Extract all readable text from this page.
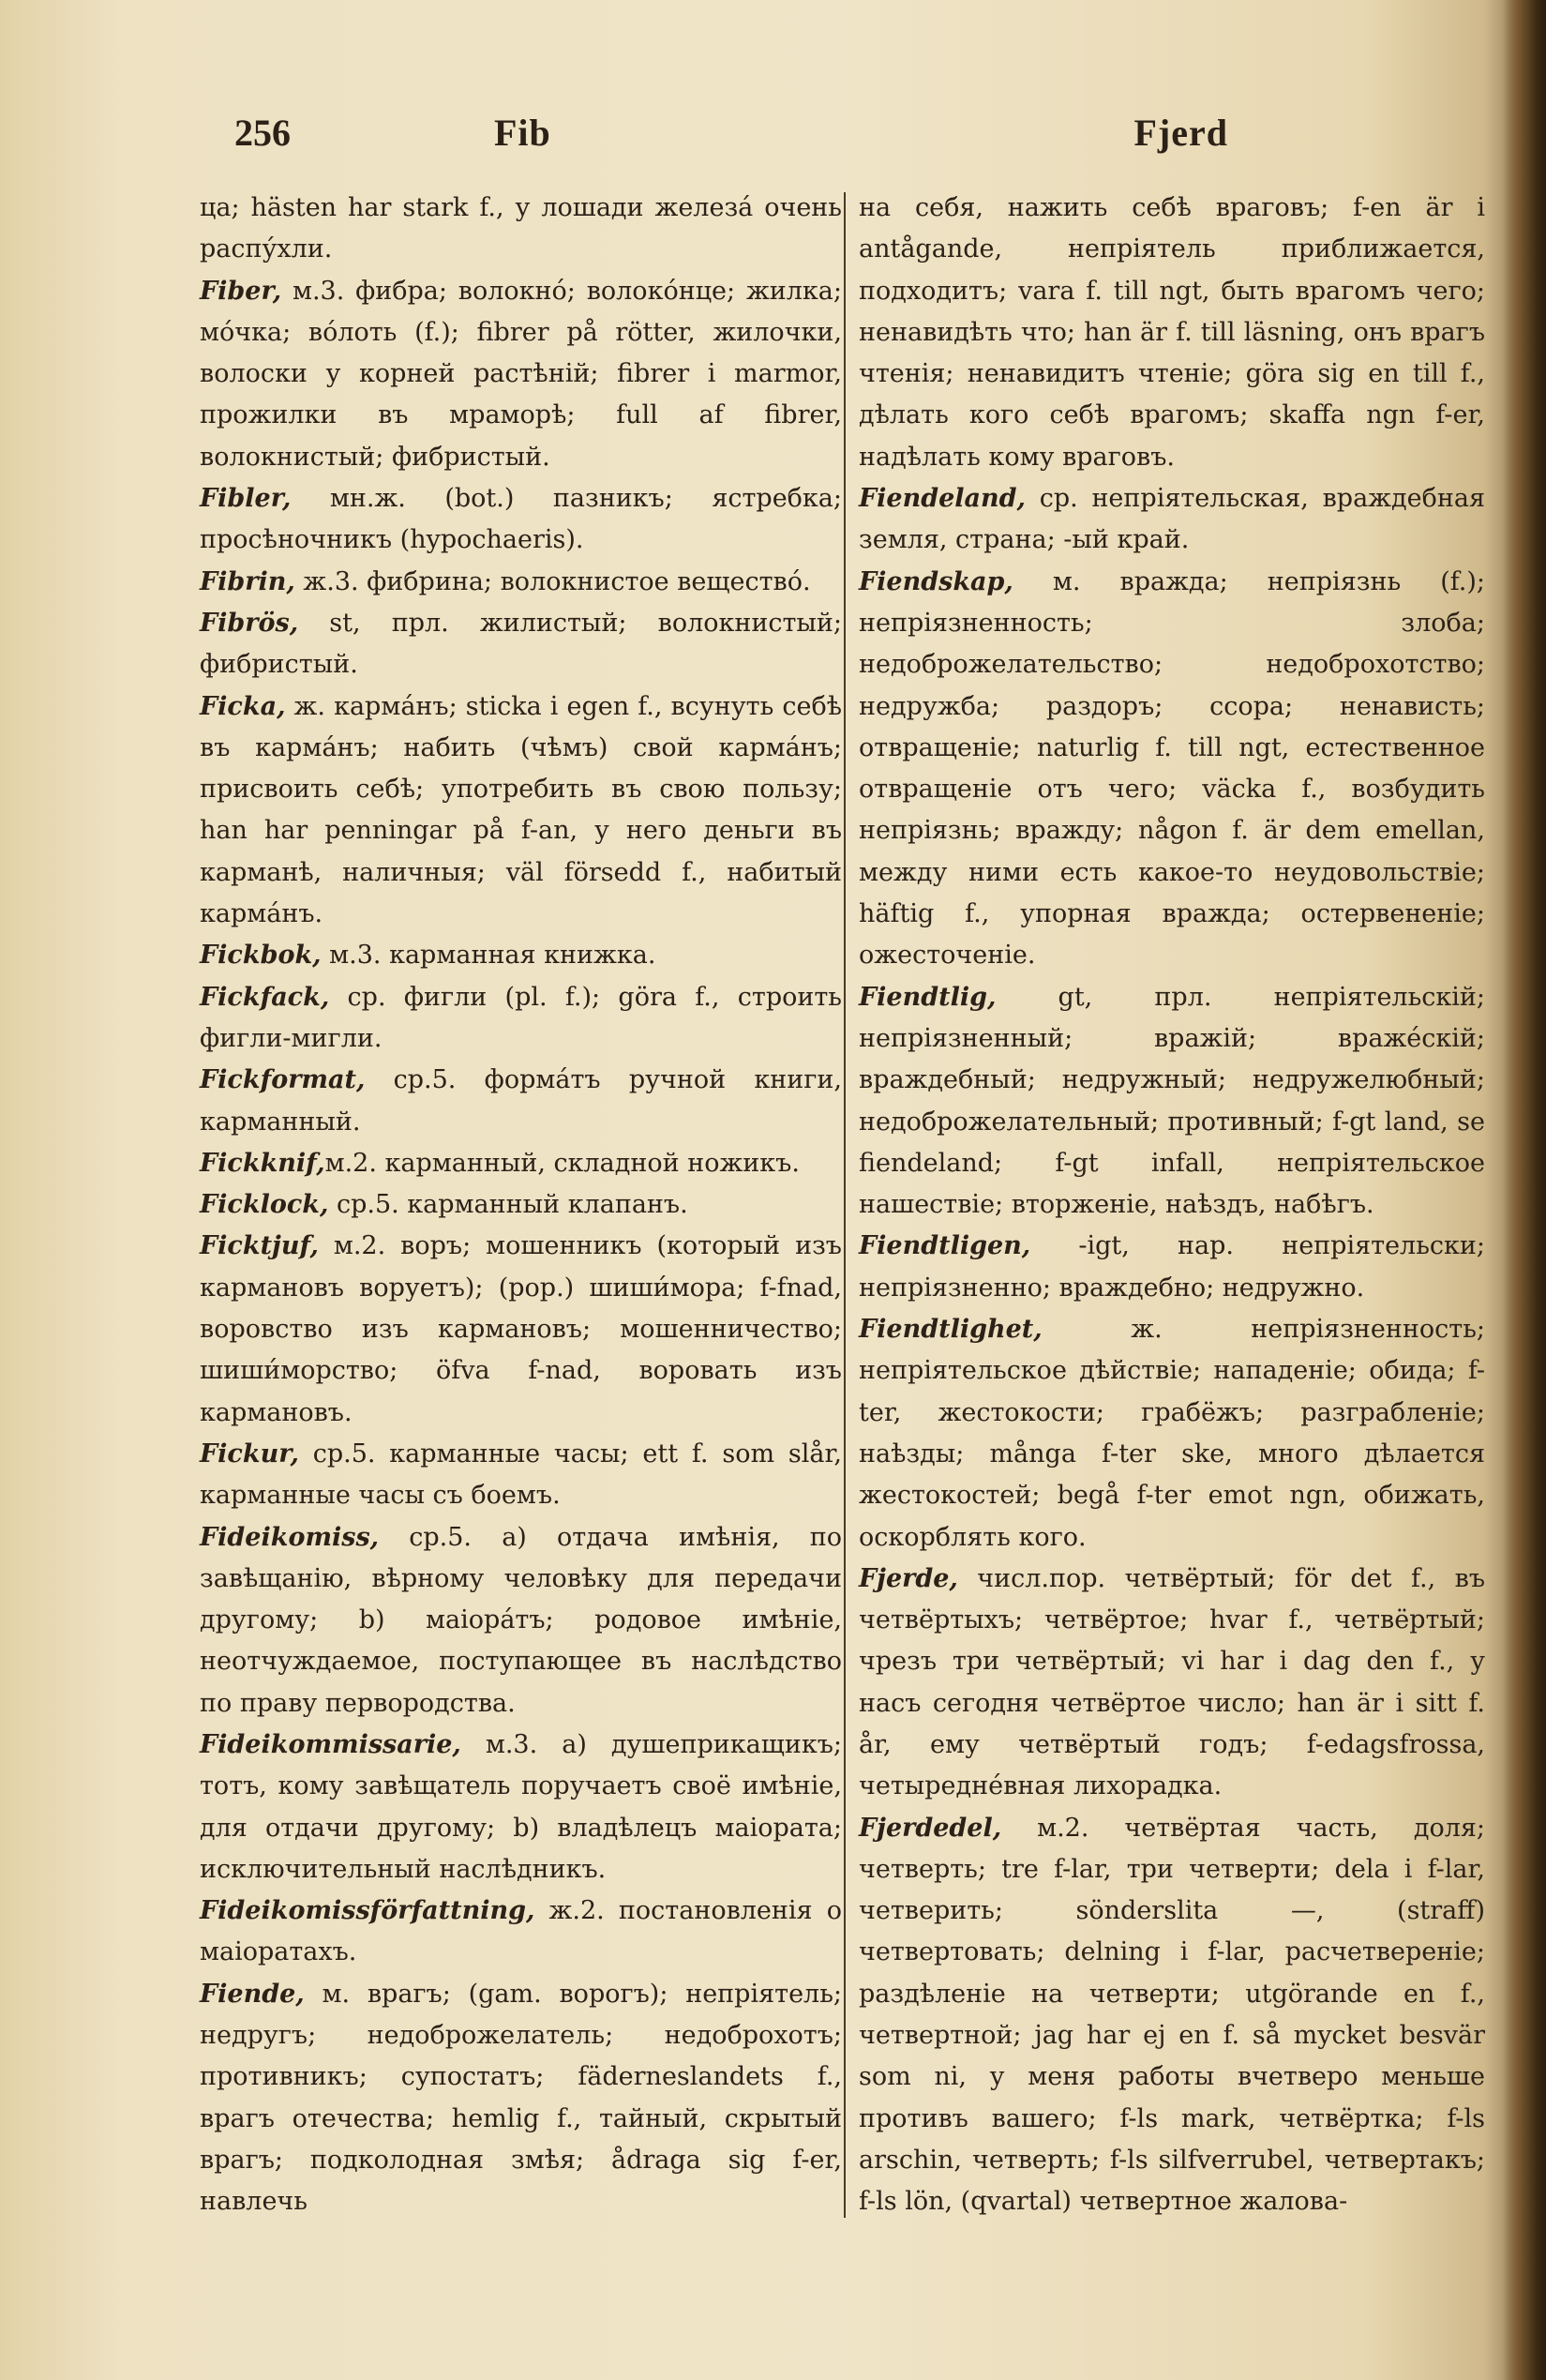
256	Fib	Fjerd

ца; hästen har stark f., у лошади железа́ очень распу́хли.

Fiber, м.3. фибра; волокно́; волоко́нце; жилка; мо́чка; во́лоть (f.); fibrer på rötter, жилочки, волоски у корней растѣній; fibrer i marmor, прожилки въ мраморѣ; full af fibrer, волокнистый; фибристый.

Fibler, мн.ж. (bot.) пазникъ; ястребка; просѣночникъ (hypochaeris).

Fibrin, ж.3. фибрина; волокнистое вещество́.

Fibrös, st, прл. жилистый; волокнистый; фибристый.

Ficka, ж. карма́нъ; sticka i egen f., всунуть себѣ въ карма́нъ; набить (чѣмъ) свой карма́нъ; присвоить себѣ; употребить въ свою пользу; han har penningar på f-an, у него деньги въ карманѣ, наличныя; väl försedd f., набитый карма́нъ.

Fickbok, м.3. карманная книжка.

Fickfack, ср. фигли (pl. f.); göra f., строить фигли-мигли.

Fickformat, ср.5. форма́тъ ручной книги, карманный.

Fickknif,м.2. карманный, складной ножикъ.

Ficklock, ср.5. карманный клапанъ.

Ficktjuf, м.2. воръ; мошенникъ (который изъ кармановъ воруетъ); (pop.) шиши́мора; f-fnad, воровство изъ кармановъ; мошенничество; шиши́морство; öfva f-nad, воровать изъ кармановъ.

Fickur, ср.5. карманные часы; ett f. som slår, карманные часы съ боемъ.

Fideikomiss, ср.5. a) отдача имѣнія, по завѣщанію, вѣрному человѣку для передачи другому; b) маіора́тъ; родовое имѣніе, неотчуждаемое, поступающее въ наслѣдство по праву первородства.

Fideikommissarie, м.3. a) душеприкащикъ; тотъ, кому завѣщатель поручаетъ своё имѣніе, для отдачи другому; b) владѣлецъ маіората; исключительный наслѣдникъ.

Fideikomissförfattning, ж.2. постановленія о маіоратахъ.

Fiende, м. врагъ; (gam. ворогъ); непріятель; недругъ; недоброжелатель; недоброхотъ; противникъ; супостатъ; fäderneslandets f., врагъ отечества; hemlig f., тайный, скрытый врагъ; подколодная змѣя; ådraga sig f-er, навлечь

на себя, нажить себѣ враговъ; f-en är i antågande, непріятель приближается, подходитъ; vara f. till ngt, быть врагомъ чего; ненавидѣть что; han är f. till läsning, онъ врагъ чтенія; ненавидитъ чтеніе; göra sig en till f., дѣлать кого себѣ врагомъ; skaffa ngn f-er, надѣлать кому враговъ.

Fiendeland, ср. непріятельская, враждебная земля, страна; -ый край.

Fiendskap, м. вражда; непріязнь (f.); непріязненность; злоба; недоброжелательство; недоброхотство; недружба; раздоръ; ссора; ненависть; отвращеніе; naturlig f. till ngt, естественное отвращеніе отъ чего; väcka f., возбудить непріязнь; вражду; någon f. är dem emellan, между ними есть какое-то неудовольствіе; häftig f., упорная вражда; остервененіе; ожесточеніе.

Fiendtlig, gt, прл. непріятельскій; непріязненный; вражій; враже́скій; враждебный; недружный; недружелюбный; недоброжелательный; противный; f-gt land, se fiendeland; f-gt infall, непріятельское нашествіе; вторженіе, наѣздъ, набѣгъ.

Fiendtligen, -igt, нар. непріятельски; непріязненно; враждебно; недружно.

Fiendtlighet, ж. непріязненность; непріятельское дѣйствіе; нападеніе; обида; f-ter, жестокости; грабёжъ; разграбленіе; наѣзды; många f-ter ske, много дѣлается жестокостей; begå f-ter emot ngn, обижать, оскорблять кого.

Fjerde, числ.пор. четвёртый; för det f., въ четвёртыхъ; четвёртое; hvar f., четвёртый; чрезъ три четвёртый; vi har i dag den f., у насъ сегодня четвёртое число; han är i sitt f. år, ему четвёртый годъ; f-edagsfrossa, четыредне́вная лихорадка.

Fjerdedel, м.2. четвёртая часть, доля; четверть; tre f-lar, три четверти; dela i f-lar, четверить; sönderslita —, (straff) четвертовать; delning i f-lar, расчетвереніе; раздѣленіе на четверти; utgörande en f., четвертной; jag har ej en f. så mycket besvär som ni, у меня работы вчетверо меньше противъ вашего; f-ls mark, четвёртка; f-ls arschin, четверть; f-ls silfverrubel, четвертакъ; f-ls lön, (qvartal) четвертное жалова-
